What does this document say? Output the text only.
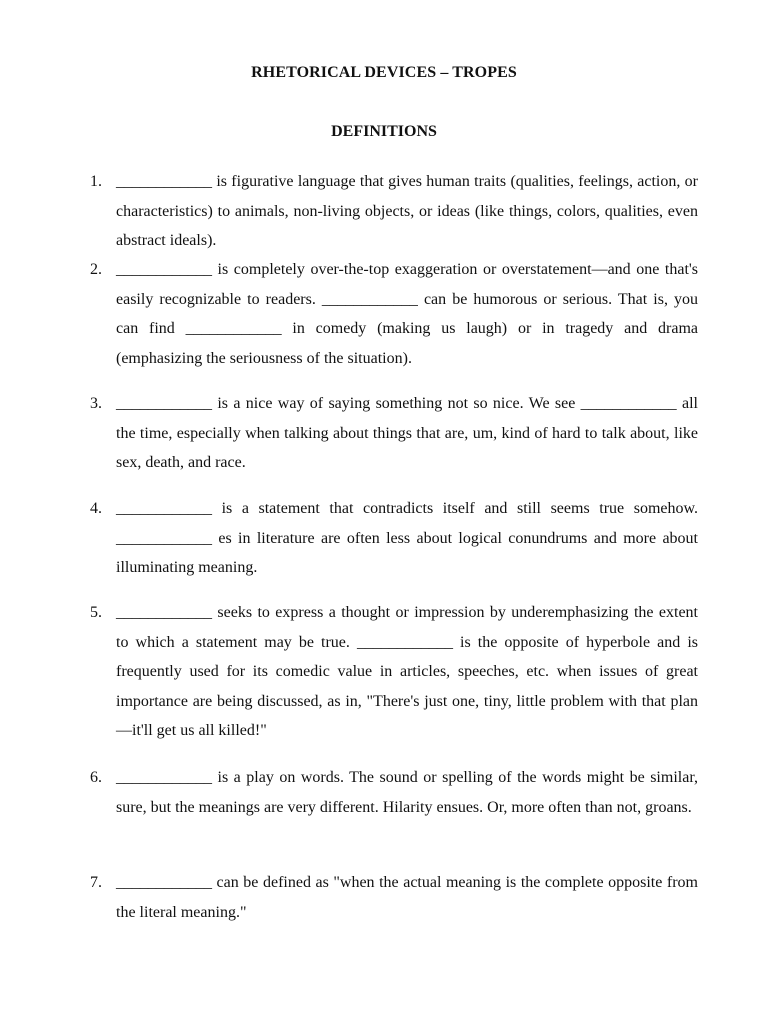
RHETORICAL DEVICES – TROPES
DEFINITIONS
1. ____________ is figurative language that gives human traits (qualities, feelings, action, or characteristics) to animals, non-living objects, or ideas (like things, colors, qualities, even abstract ideals).
2. ____________ is completely over-the-top exaggeration or overstatement—and one that's easily recognizable to readers. ____________ can be humorous or serious. That is, you can find ____________ in comedy (making us laugh) or in tragedy and drama (emphasizing the seriousness of the situation).
3. ____________ is a nice way of saying something not so nice. We see ____________ all the time, especially when talking about things that are, um, kind of hard to talk about, like sex, death, and race.
4. ____________ is a statement that contradicts itself and still seems true somehow. ____________ es in literature are often less about logical conundrums and more about illuminating meaning.
5. ____________ seeks to express a thought or impression by underemphasizing the extent to which a statement may be true. ____________ is the opposite of hyperbole and is frequently used for its comedic value in articles, speeches, etc. when issues of great importance are being discussed, as in, "There's just one, tiny, little problem with that plan—it'll get us all killed!"
6. ____________ is a play on words. The sound or spelling of the words might be similar, sure, but the meanings are very different. Hilarity ensues. Or, more often than not, groans.
7. ____________ can be defined as "when the actual meaning is the complete opposite from the literal meaning."
